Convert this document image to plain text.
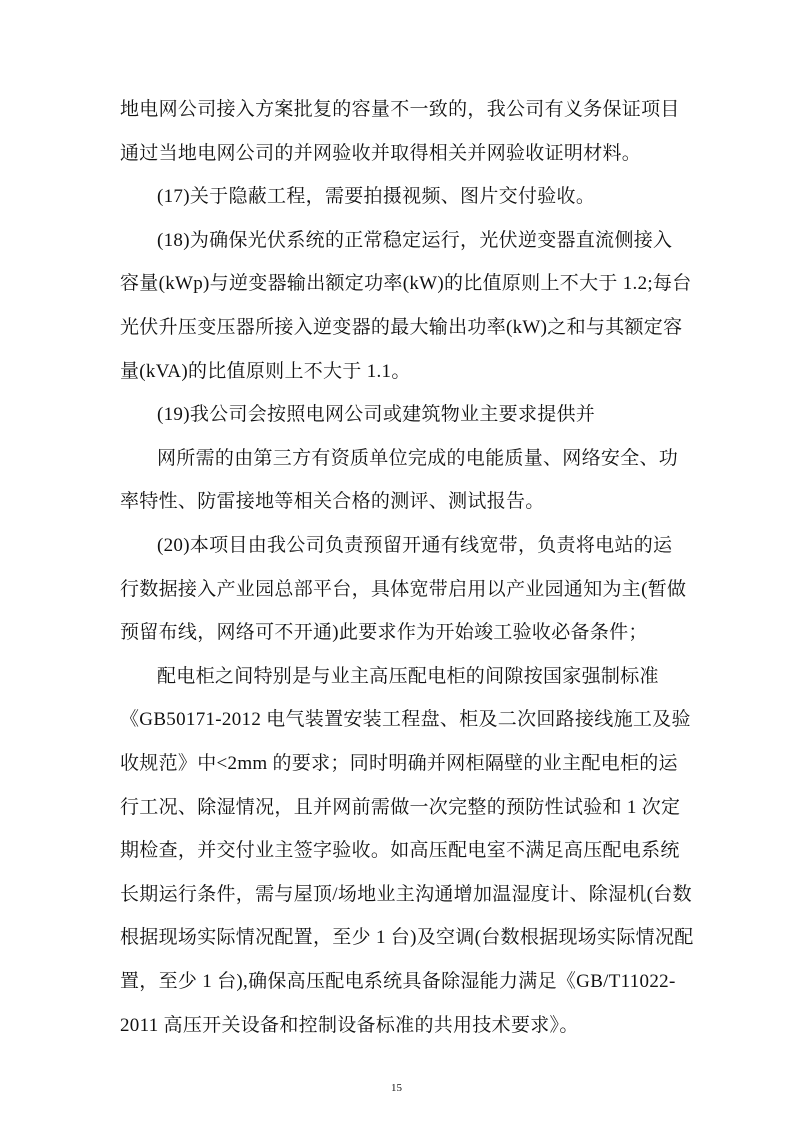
地电网公司接入方案批复的容量不一致的，我公司有义务保证项目
通过当地电网公司的并网验收并取得相关并网验收证明材料。
(17)关于隐蔽工程，需要拍摄视频、图片交付验收。
(18)为确保光伏系统的正常稳定运行，光伏逆变器直流侧接入
容量(kWp)与逆变器输出额定功率(kW)的比值原则上不大于 1.2;每台
光伏升压变压器所接入逆变器的最大输出功率(kW)之和与其额定容
量(kVA)的比值原则上不大于 1.1。
(19)我公司会按照电网公司或建筑物业主要求提供并
网所需的由第三方有资质单位完成的电能质量、网络安全、功
率特性、防雷接地等相关合格的测评、测试报告。
(20)本项目由我公司负责预留开通有线宽带，负责将电站的运
行数据接入产业园总部平台，具体宽带启用以产业园通知为主(暂做
预留布线，网络可不开通)此要求作为开始竣工验收必备条件；
配电柜之间特别是与业主高压配电柜的间隙按国家强制标准
《GB50171-2012 电气装置安装工程盘、柜及二次回路接线施工及验
收规范》中<2mm 的要求；同时明确并网柜隔壁的业主配电柜的运
行工况、除湿情况，且并网前需做一次完整的预防性试验和 1 次定
期检查，并交付业主签字验收。如高压配电室不满足高压配电系统
长期运行条件，需与屋顶/场地业主沟通增加温湿度计、除湿机(台数
根据现场实际情况配置，至少 1 台)及空调(台数根据现场实际情况配
置，至少 1 台),确保高压配电系统具备除湿能力满足《GB/T11022-
2011 高压开关设备和控制设备标准的共用技术要求》。
15
